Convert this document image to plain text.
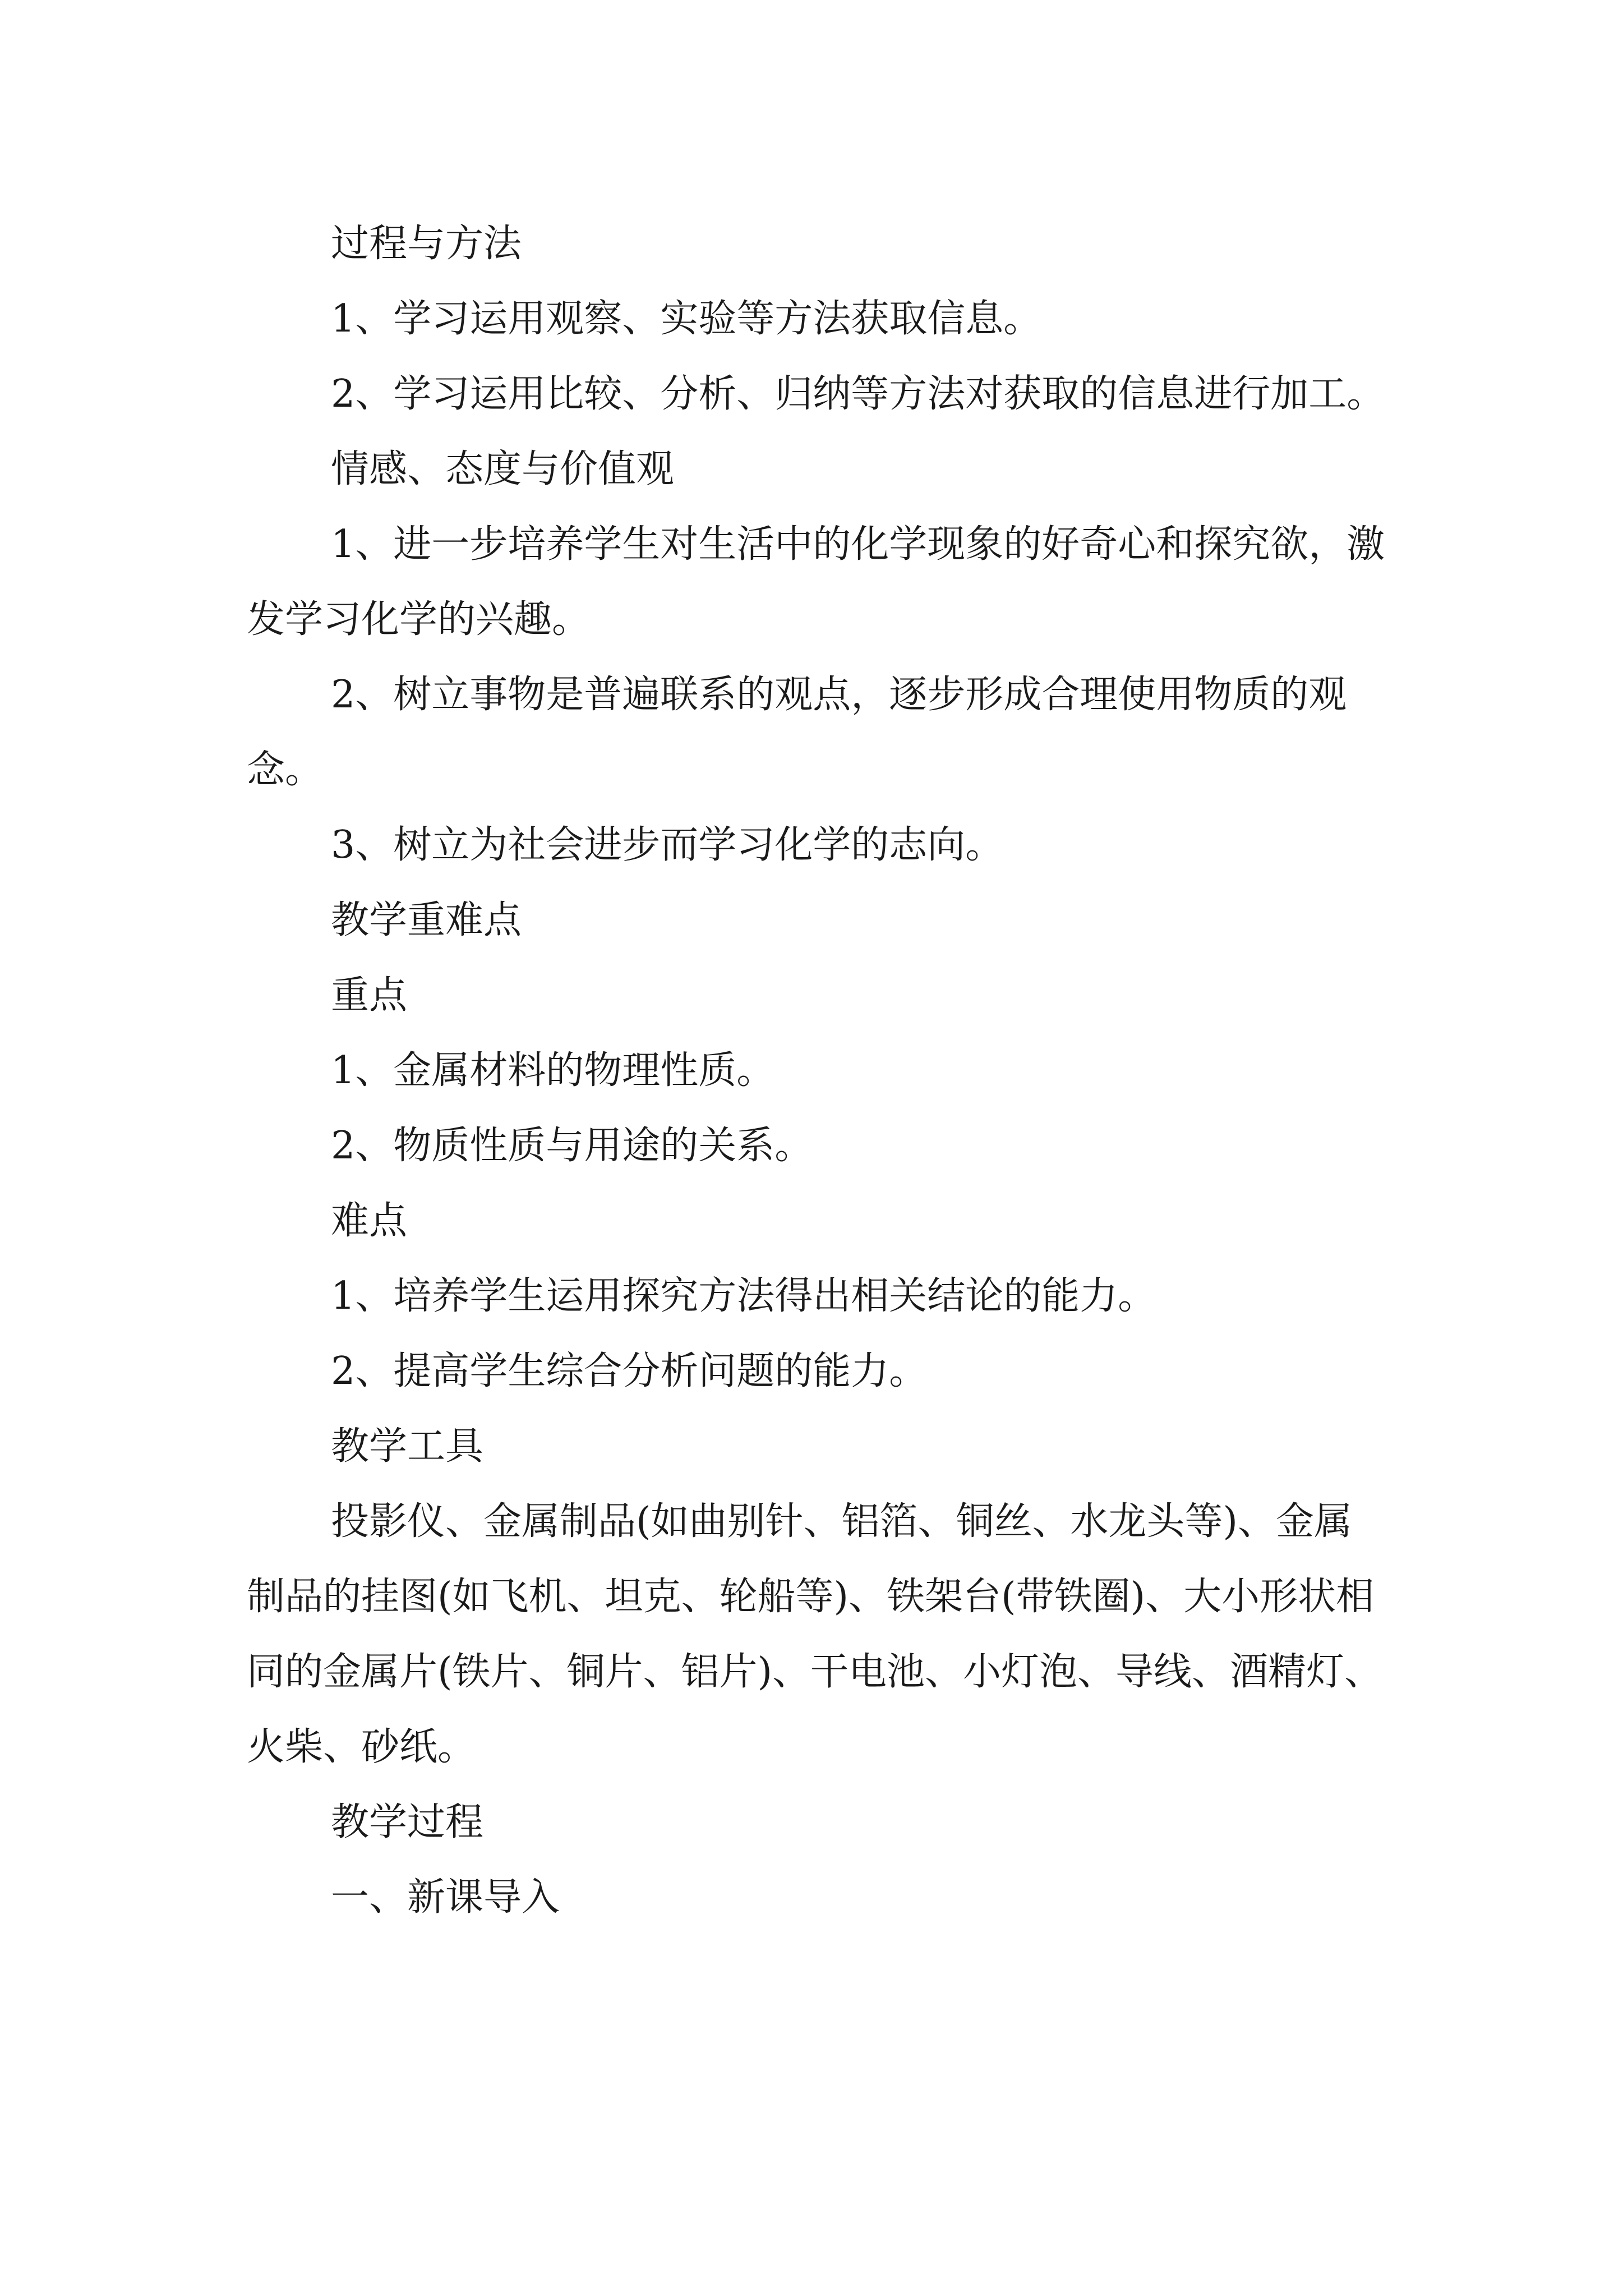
过程与方法

1、学习运用观察、实验等方法获取信息。

2、学习运用比较、分析、归纳等方法对获取的信息进行加工。

情感、态度与价值观

1、进一步培养学生对生活中的化学现象的好奇心和探究欲，激发学习化学的兴趣。

2、树立事物是普遍联系的观点，逐步形成合理使用物质的观念。

3、树立为社会进步而学习化学的志向。

教学重难点

重点

1、金属材料的物理性质。

2、物质性质与用途的关系。

难点

1、培养学生运用探究方法得出相关结论的能力。

2、提高学生综合分析问题的能力。

教学工具

投影仪、金属制品(如曲别针、铝箔、铜丝、水龙头等)、金属制品的挂图(如飞机、坦克、轮船等)、铁架台(带铁圈)、大小形状相同的金属片(铁片、铜片、铝片)、干电池、小灯泡、导线、酒精灯、火柴、砂纸。

教学过程

一、新课导入
